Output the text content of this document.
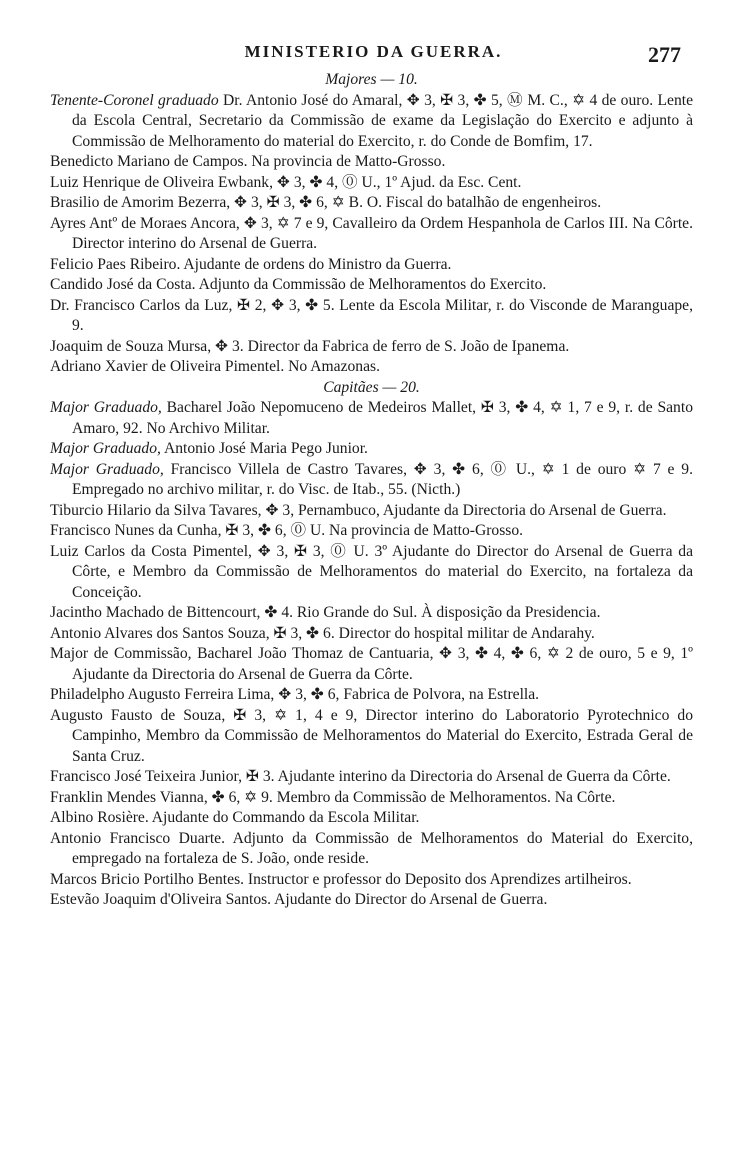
MINISTERIO DA GUERRA.	277
Majores — 10.

Tenente-Coronel graduado Dr. Antonio José do Amaral, ✥ 3, ✠ 3, ✤ 5, Ⓜ M. C., ✡ 4 de ouro. Lente da Escola Central, Secretario da Commissão de exame da Legislação do Exercito e adjunto à Commissão de Melhoramento do material do Exercito, r. do Conde de Bomfim, 17.

Benedicto Mariano de Campos. Na provincia de Matto-Grosso.

Luiz Henrique de Oliveira Ewbank, ✥ 3, ✤ 4, ⓪ U., 1º Ajud. da Esc. Cent.

Brasilio de Amorim Bezerra, ✥ 3, ✠ 3, ✤ 6, ✡ B. O. Fiscal do batalhão de engenheiros.

Ayres Antº de Moraes Ancora, ✥ 3, ✡ 7 e 9, Cavalleiro da Ordem Hespanhola de Carlos III. Na Côrte. Director interino do Arsenal de Guerra.

Felicio Paes Ribeiro. Ajudante de ordens do Ministro da Guerra.

Candido José da Costa. Adjunto da Commissão de Melhoramentos do Exercito.

Dr. Francisco Carlos da Luz, ✠ 2, ✥ 3, ✤ 5. Lente da Escola Militar, r. do Visconde de Maranguape, 9.

Joaquim de Souza Mursa, ✥ 3. Director da Fabrica de ferro de S. João de Ipanema.

Adriano Xavier de Oliveira Pimentel. No Amazonas.

Capitães — 20.

Major Graduado, Bacharel João Nepomuceno de Medeiros Mallet, ✠ 3, ✤ 4, ✡ 1, 7 e 9, r. de Santo Amaro, 92. No Archivo Militar.

Major Graduado, Antonio José Maria Pego Junior.

Major Graduado, Francisco Villela de Castro Tavares, ✥ 3, ✤ 6, ⓪ U., ✡ 1 de ouro ✡ 7 e 9. Empregado no archivo militar, r. do Visc. de Itab., 55. (Nicth.)

Tiburcio Hilario da Silva Tavares, ✥ 3, Pernambuco, Ajudante da Directoria do Arsenal de Guerra.

Francisco Nunes da Cunha, ✠ 3, ✤ 6, ⓪ U. Na provincia de Matto-Grosso.

Luiz Carlos da Costa Pimentel, ✥ 3, ✠ 3, ⓪ U. 3º Ajudante do Director do Arsenal de Guerra da Côrte, e Membro da Commissão de Melhoramentos do material do Exercito, na fortaleza da Conceição.

Jacintho Machado de Bittencourt, ✤ 4. Rio Grande do Sul. À disposição da Presidencia.

Antonio Alvares dos Santos Souza, ✠ 3, ✤ 6. Director do hospital militar de Andarahy.

Major de Commissão, Bacharel João Thomaz de Cantuaria, ✥ 3, ✤ 4, ✤ 6, ✡ 2 de ouro, 5 e 9, 1º Ajudante da Directoria do Arsenal de Guerra da Côrte.

Philadelpho Augusto Ferreira Lima, ✥ 3, ✤ 6, Fabrica de Polvora, na Estrella.

Augusto Fausto de Souza, ✠ 3, ✡ 1, 4 e 9, Director interino do Laboratorio Pyrotechnico do Campinho, Membro da Commissão de Melhoramentos do Material do Exercito, Estrada Geral de Santa Cruz.

Francisco José Teixeira Junior, ✠ 3. Ajudante interino da Directoria do Arsenal de Guerra da Côrte.

Franklin Mendes Vianna, ✤ 6, ✡ 9. Membro da Commissão de Melhoramentos. Na Côrte.

Albino Rosière. Ajudante do Commando da Escola Militar.

Antonio Francisco Duarte. Adjunto da Commissão de Melhoramentos do Material do Exercito, empregado na fortaleza de S. João, onde reside.

Marcos Bricio Portilho Bentes. Instructor e professor do Deposito dos Aprendizes artilheiros.

Estevão Joaquim d'Oliveira Santos. Ajudante do Director do Arsenal de Guerra.
